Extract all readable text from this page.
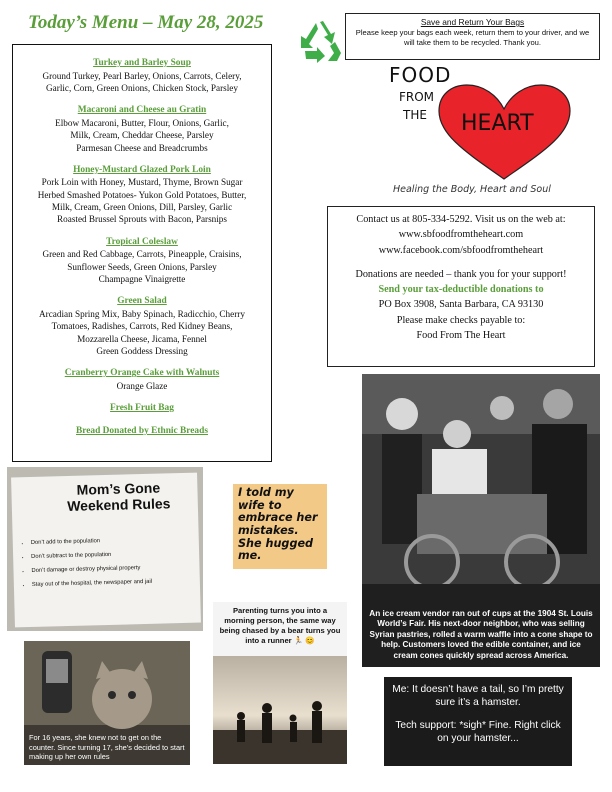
Today’s Menu – May 28, 2025	Save and Return Your Bags
Please keep your bags each week, return them to your driver, and we will take them to be recycled. Thank you.
Turkey and Barley Soup
Ground Turkey, Pearl Barley, Onions, Carrots, Celery,
Garlic, Corn, Green Onions, Chicken Stock, Parsley
Macaroni and Cheese au Gratin
Elbow Macaroni, Butter, Flour, Onions, Garlic,
Milk, Cream, Cheddar Cheese, Parsley
Parmesan Cheese and Breadcrumbs
Honey-Mustard Glazed Pork Loin
Pork Loin with Honey, Mustard, Thyme, Brown Sugar
Herbed Smashed Potatoes- Yukon Gold Potatoes, Butter,
Milk, Cream, Green Onions, Dill, Parsley, Garlic
Roasted Brussel Sprouts with Bacon, Parsnips
Tropical Coleslaw
Green and Red Cabbage, Carrots, Pineapple, Craisins,
Sunflower Seeds, Green Onions, Parsley
Champagne Vinaigrette
Green Salad
Arcadian Spring Mix, Baby Spinach, Radicchio, Cherry
Tomatoes, Radishes, Carrots, Red Kidney Beans,
Mozzarella Cheese, Jicama, Fennel
Green Goddess Dressing
Cranberry Orange Cake with Walnuts
Orange Glaze
Fresh Fruit Bag
Bread Donated by Ethnic Breads
FOOD
FROM
THE HEART
Healing the Body, Heart and Soul
Contact us at 805-334-5292. Visit us on the web at:
www.sbfoodfromtheheart.com
www.facebook.com/sbfoodfromtheheart
Donations are needed – thank you for your support!
Send your tax-deductible donations to
PO Box 3908, Santa Barbara, CA 93130
Please make checks payable to:
Food From The Heart
An ice cream vendor ran out of cups at the 1904 St. Louis World’s Fair. His next-door neighbor, who was selling Syrian pastries, rolled a warm waffle into a cone shape to help. Customers loved the edible container, and ice cream cones quickly spread across America.
Mom’s Gone Weekend Rules
• Don’t add to the population
• Don’t subtract to the population
• Don’t damage or destroy physical property
• Stay out of the hospital, the newspaper and jail
I told my wife to embrace her mistakes. She hugged me.
Parenting turns you into a morning person, the same way being chased by a bear turns you into a runner 🏃 😊
For 16 years, she knew not to get on the counter. Since turning 17, she’s decided to start making up her own rules
Me: It doesn’t have a tail, so I’m pretty sure it’s a hamster.
Tech support: *sigh* Fine. Right click on your hamster...
